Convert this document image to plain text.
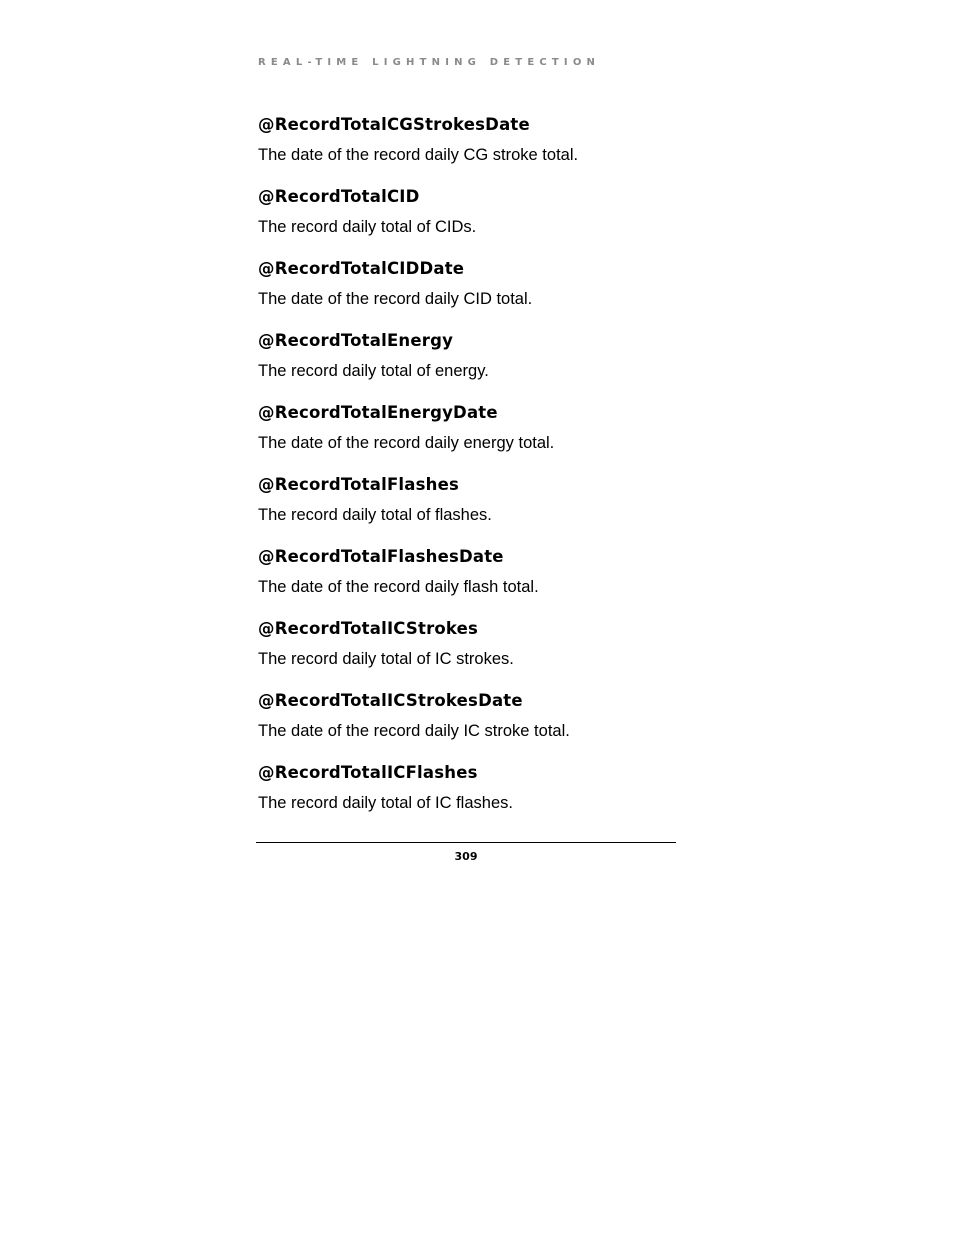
REAL-TIME LIGHTNING DETECTION
@RecordTotalCGStrokesDate
The date of the record daily CG stroke total.
@RecordTotalCID
The record daily total of CIDs.
@RecordTotalCIDDate
The date of the record daily CID total.
@RecordTotalEnergy
The record daily total of energy.
@RecordTotalEnergyDate
The date of the record daily energy total.
@RecordTotalFlashes
The record daily total of flashes.
@RecordTotalFlashesDate
The date of the record daily flash total.
@RecordTotalICStrokes
The record daily total of IC strokes.
@RecordTotalICStrokesDate
The date of the record daily IC stroke total.
@RecordTotalICFlashes
The record daily total of IC flashes.
309
